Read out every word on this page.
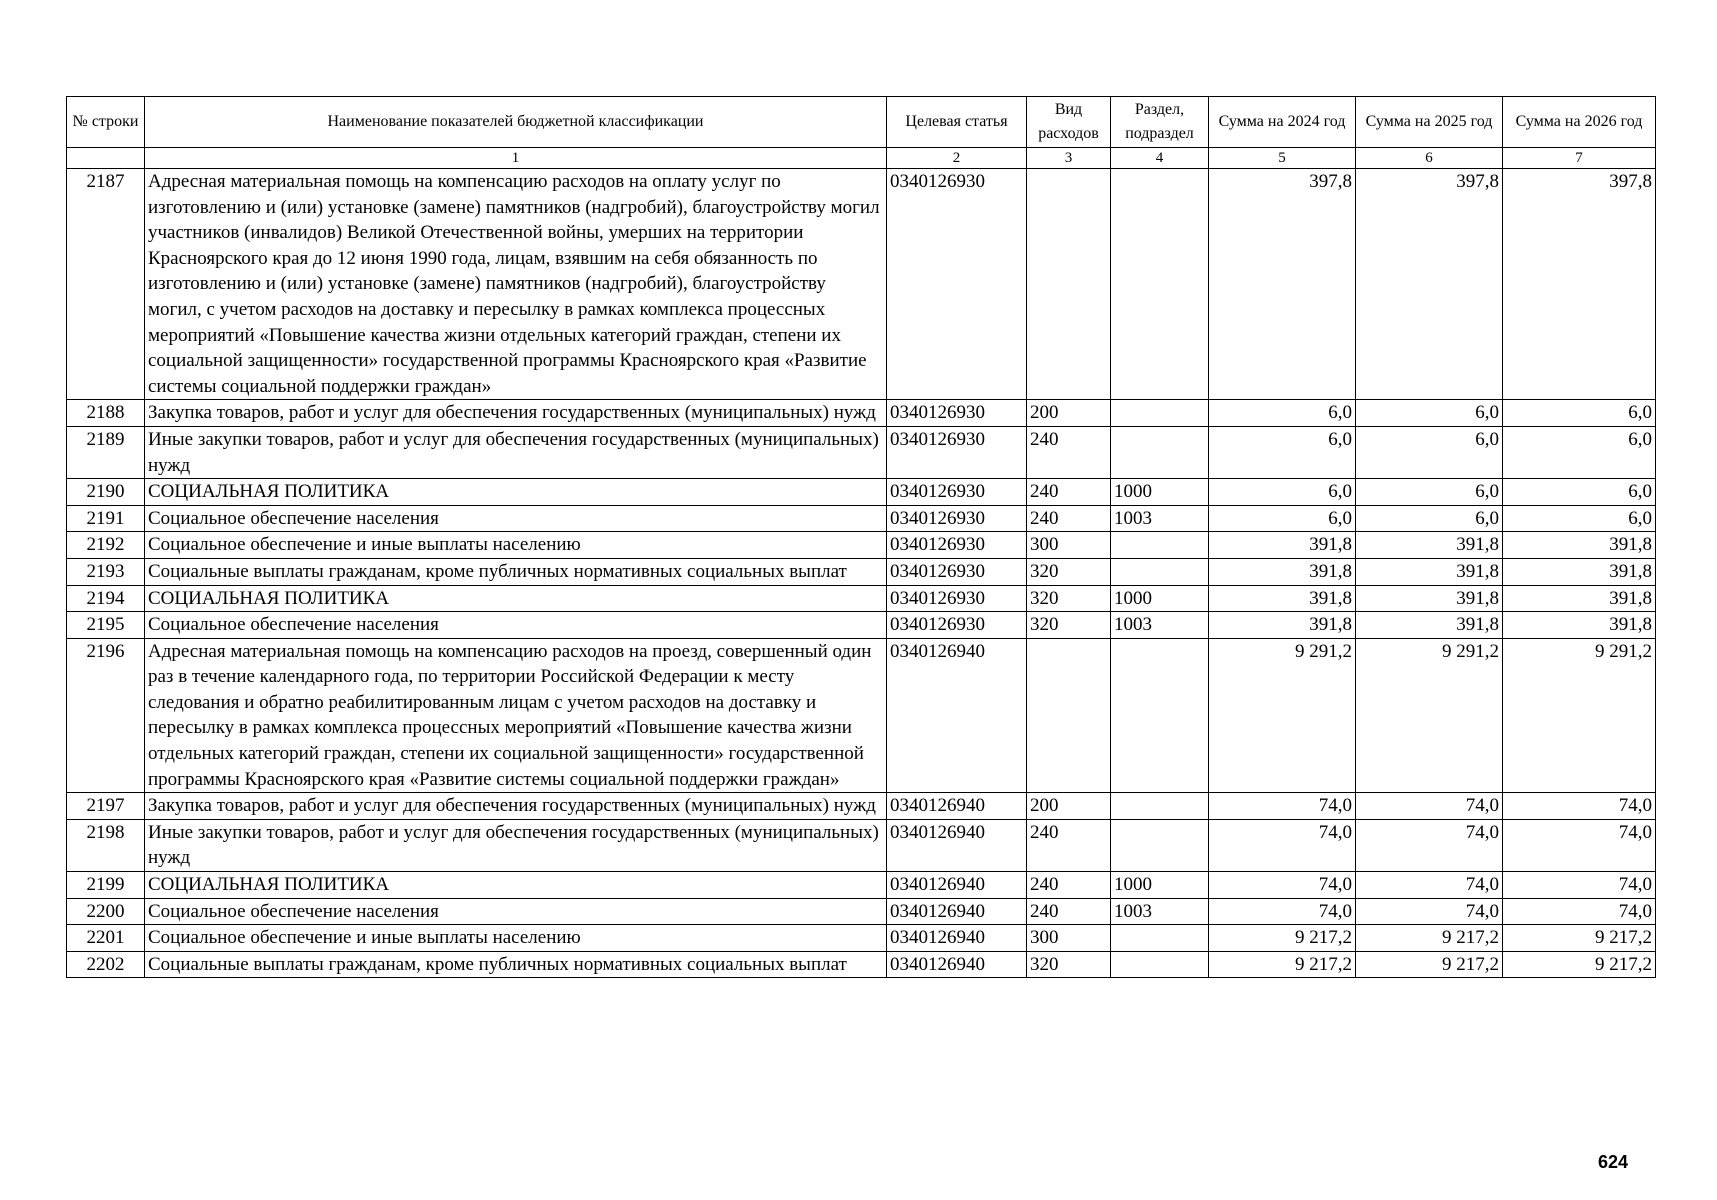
№ строки	Наименование показателей бюджетной классификации	Целевая статья	Вид расходов	Раздел, подраздел	Сумма на 2024 год	Сумма на 2025 год	Сумма на 2026 год
	1	2	3	4	5	6	7
2187	Адресная материальная помощь на компенсацию расходов на оплату услуг по изготовлению и (или) установке (замене) памятников (надгробий), благоустройству могил участников (инвалидов) Великой Отечественной войны, умерших на территории Красноярского края до 12 июня 1990 года, лицам, взявшим на себя обязанность по изготовлению и (или) установке (замене) памятников (надгробий), благоустройству могил, с учетом расходов на доставку и пересылку в рамках комплекса процессных мероприятий «Повышение качества жизни отдельных категорий граждан, степени их социальной защищенности» государственной программы Красноярского края «Развитие системы социальной поддержки граждан»	0340126930			397,8	397,8	397,8
2188	Закупка товаров, работ и услуг для обеспечения государственных (муниципальных) нужд	0340126930	200		6,0	6,0	6,0
2189	Иные закупки товаров, работ и услуг для обеспечения государственных (муниципальных) нужд	0340126930	240		6,0	6,0	6,0
2190	СОЦИАЛЬНАЯ ПОЛИТИКА	0340126930	240	1000	6,0	6,0	6,0
2191	Социальное обеспечение населения	0340126930	240	1003	6,0	6,0	6,0
2192	Социальное обеспечение и иные выплаты населению	0340126930	300		391,8	391,8	391,8
2193	Социальные выплаты гражданам, кроме публичных нормативных социальных выплат	0340126930	320		391,8	391,8	391,8
2194	СОЦИАЛЬНАЯ ПОЛИТИКА	0340126930	320	1000	391,8	391,8	391,8
2195	Социальное обеспечение населения	0340126930	320	1003	391,8	391,8	391,8
2196	Адресная материальная помощь на компенсацию расходов на проезд, совершенный один раз в течение календарного года, по территории Российской Федерации к месту следования и обратно реабилитированным лицам с учетом расходов на доставку и пересылку в рамках комплекса процессных мероприятий «Повышение качества жизни отдельных категорий граждан, степени их социальной защищенности» государственной программы Красноярского края «Развитие системы социальной поддержки граждан»	0340126940			9 291,2	9 291,2	9 291,2
2197	Закупка товаров, работ и услуг для обеспечения государственных (муниципальных) нужд	0340126940	200		74,0	74,0	74,0
2198	Иные закупки товаров, работ и услуг для обеспечения государственных (муниципальных) нужд	0340126940	240		74,0	74,0	74,0
2199	СОЦИАЛЬНАЯ ПОЛИТИКА	0340126940	240	1000	74,0	74,0	74,0
2200	Социальное обеспечение населения	0340126940	240	1003	74,0	74,0	74,0
2201	Социальное обеспечение и иные выплаты населению	0340126940	300		9 217,2	9 217,2	9 217,2
2202	Социальные выплаты гражданам, кроме публичных нормативных социальных выплат	0340126940	320		9 217,2	9 217,2	9 217,2
624
